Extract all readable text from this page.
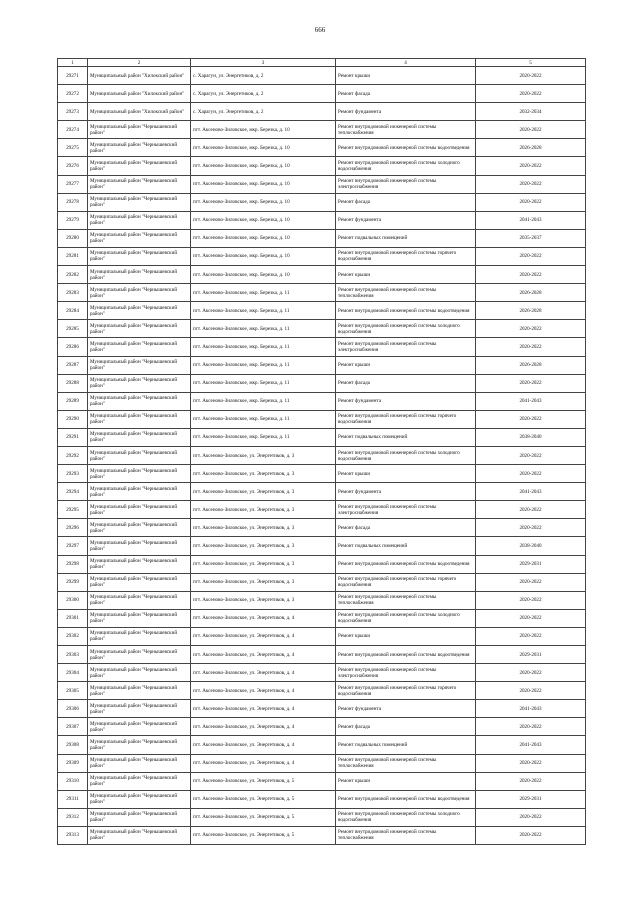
666
1	2	3	4	5
29271	Муниципальный район "Хилокский район"	с. Харагун, ул. Энергетиков, д. 2	Ремонт крыши	2020-2022
29272	Муниципальный район "Хилокский район"	с. Харагун, ул. Энергетиков, д. 2	Ремонт фасада	2020-2022
29273	Муниципальный район "Хилокский район"	с. Харагун, ул. Энергетиков, д. 2	Ремонт фундамента	2032-2034
29274	Муниципальный район "Чернышевский район"	пгт. Аксеново-Зиловское, мкр. Березка, д. 10	Ремонт внутридомовой инженерной системы теплоснабжения	2020-2022
29275	Муниципальный район "Чернышевский район"	пгт. Аксеново-Зиловское, мкр. Березка, д. 10	Ремонт внутридомовой инженерной системы водоотведения	2026-2028
29276	Муниципальный район "Чернышевский район"	пгт. Аксеново-Зиловское, мкр. Березка, д. 10	Ремонт внутридомовой инженерной системы холодного водоснабжения	2020-2022
29277	Муниципальный район "Чернышевский район"	пгт. Аксеново-Зиловское, мкр. Березка, д. 10	Ремонт внутридомовой инженерной системы электроснабжения	2020-2022
29278	Муниципальный район "Чернышевский район"	пгт. Аксеново-Зиловское, мкр. Березка, д. 10	Ремонт фасада	2020-2022
29279	Муниципальный район "Чернышевский район"	пгт. Аксеново-Зиловское, мкр. Березка, д. 10	Ремонт фундамента	2041-2043
29280	Муниципальный район "Чернышевский район"	пгт. Аксеново-Зиловское, мкр. Березка, д. 10	Ремонт подвальных помещений	2035-2037
29281	Муниципальный район "Чернышевский район"	пгт. Аксеново-Зиловское, мкр. Березка, д. 10	Ремонт внутридомовой инженерной системы горячего водоснабжения	2020-2022
29282	Муниципальный район "Чернышевский район"	пгт. Аксеново-Зиловское, мкр. Березка, д. 10	Ремонт крыши	2020-2022
29283	Муниципальный район "Чернышевский район"	пгт. Аксеново-Зиловское, мкр. Березка, д. 11	Ремонт внутридомовой инженерной системы теплоснабжения	2026-2028
29284	Муниципальный район "Чернышевский район"	пгт. Аксеново-Зиловское, мкр. Березка, д. 11	Ремонт внутридомовой инженерной системы водоотведения	2026-2028
29285	Муниципальный район "Чернышевский район"	пгт. Аксеново-Зиловское, мкр. Березка, д. 11	Ремонт внутридомовой инженерной системы холодного водоснабжения	2020-2022
29286	Муниципальный район "Чернышевский район"	пгт. Аксеново-Зиловское, мкр. Березка, д. 11	Ремонт внутридомовой инженерной системы электроснабжения	2020-2022
29287	Муниципальный район "Чернышевский район"	пгт. Аксеново-Зиловское, мкр. Березка, д. 11	Ремонт крыши	2026-2028
29288	Муниципальный район "Чернышевский район"	пгт. Аксеново-Зиловское, мкр. Березка, д. 11	Ремонт фасада	2020-2022
29289	Муниципальный район "Чернышевский район"	пгт. Аксеново-Зиловское, мкр. Березка, д. 11	Ремонт фундамента	2041-2043
29290	Муниципальный район "Чернышевский район"	пгт. Аксеново-Зиловское, мкр. Березка, д. 11	Ремонт внутридомовой инженерной системы горячего водоснабжения	2020-2022
29291	Муниципальный район "Чернышевский район"	пгт. Аксеново-Зиловское, мкр. Березка, д. 11	Ремонт подвальных помещений	2038-2040
29292	Муниципальный район "Чернышевский район"	пгт. Аксеново-Зиловское, ул. Энергетиков, д. 3	Ремонт внутридомовой инженерной системы холодного водоснабжения	2020-2022
29293	Муниципальный район "Чернышевский район"	пгт. Аксеново-Зиловское, ул. Энергетиков, д. 3	Ремонт крыши	2020-2022
29294	Муниципальный район "Чернышевский район"	пгт. Аксеново-Зиловское, ул. Энергетиков, д. 3	Ремонт фундамента	2041-2043
29295	Муниципальный район "Чернышевский район"	пгт. Аксеново-Зиловское, ул. Энергетиков, д. 3	Ремонт внутридомовой инженерной системы электроснабжения	2020-2022
29296	Муниципальный район "Чернышевский район"	пгт. Аксеново-Зиловское, ул. Энергетиков, д. 3	Ремонт фасада	2020-2022
29297	Муниципальный район "Чернышевский район"	пгт. Аксеново-Зиловское, ул. Энергетиков, д. 3	Ремонт подвальных помещений	2038-2040
29298	Муниципальный район "Чернышевский район"	пгт. Аксеново-Зиловское, ул. Энергетиков, д. 3	Ремонт внутридомовой инженерной системы водоотведения	2029-2031
29299	Муниципальный район "Чернышевский район"	пгт. Аксеново-Зиловское, ул. Энергетиков, д. 3	Ремонт внутридомовой инженерной системы горячего водоснабжения	2020-2022
29300	Муниципальный район "Чернышевский район"	пгт. Аксеново-Зиловское, ул. Энергетиков, д. 3	Ремонт внутридомовой инженерной системы теплоснабжения	2020-2022
29301	Муниципальный район "Чернышевский район"	пгт. Аксеново-Зиловское, ул. Энергетиков, д. 4	Ремонт внутридомовой инженерной системы холодного водоснабжения	2020-2022
29302	Муниципальный район "Чернышевский район"	пгт. Аксеново-Зиловское, ул. Энергетиков, д. 4	Ремонт крыши	2020-2022
29303	Муниципальный район "Чернышевский район"	пгт. Аксеново-Зиловское, ул. Энергетиков, д. 4	Ремонт внутридомовой инженерной системы водоотведения	2029-2031
29304	Муниципальный район "Чернышевский район"	пгт. Аксеново-Зиловское, ул. Энергетиков, д. 4	Ремонт внутридомовой инженерной системы электроснабжения	2020-2022
29305	Муниципальный район "Чернышевский район"	пгт. Аксеново-Зиловское, ул. Энергетиков, д. 4	Ремонт внутридомовой инженерной системы горячего водоснабжения	2020-2022
29306	Муниципальный район "Чернышевский район"	пгт. Аксеново-Зиловское, ул. Энергетиков, д. 4	Ремонт фундамента	2041-2043
29307	Муниципальный район "Чернышевский район"	пгт. Аксеново-Зиловское, ул. Энергетиков, д. 4	Ремонт фасада	2020-2022
29308	Муниципальный район "Чернышевский район"	пгт. Аксеново-Зиловское, ул. Энергетиков, д. 4	Ремонт подвальных помещений	2041-2043
29309	Муниципальный район "Чернышевский район"	пгт. Аксеново-Зиловское, ул. Энергетиков, д. 4	Ремонт внутридомовой инженерной системы теплоснабжения	2020-2022
29310	Муниципальный район "Чернышевский район"	пгт. Аксеново-Зиловское, ул. Энергетиков, д. 5	Ремонт крыши	2020-2022
29311	Муниципальный район "Чернышевский район"	пгт. Аксеново-Зиловское, ул. Энергетиков, д. 5	Ремонт внутридомовой инженерной системы водоотведения	2029-2031
29312	Муниципальный район "Чернышевский район"	пгт. Аксеново-Зиловское, ул. Энергетиков, д. 5	Ремонт внутридомовой инженерной системы холодного водоснабжения	2020-2022
29313	Муниципальный район "Чернышевский район"	пгт. Аксеново-Зиловское, ул. Энергетиков, д. 5	Ремонт внутридомовой инженерной системы теплоснабжения	2020-2022
